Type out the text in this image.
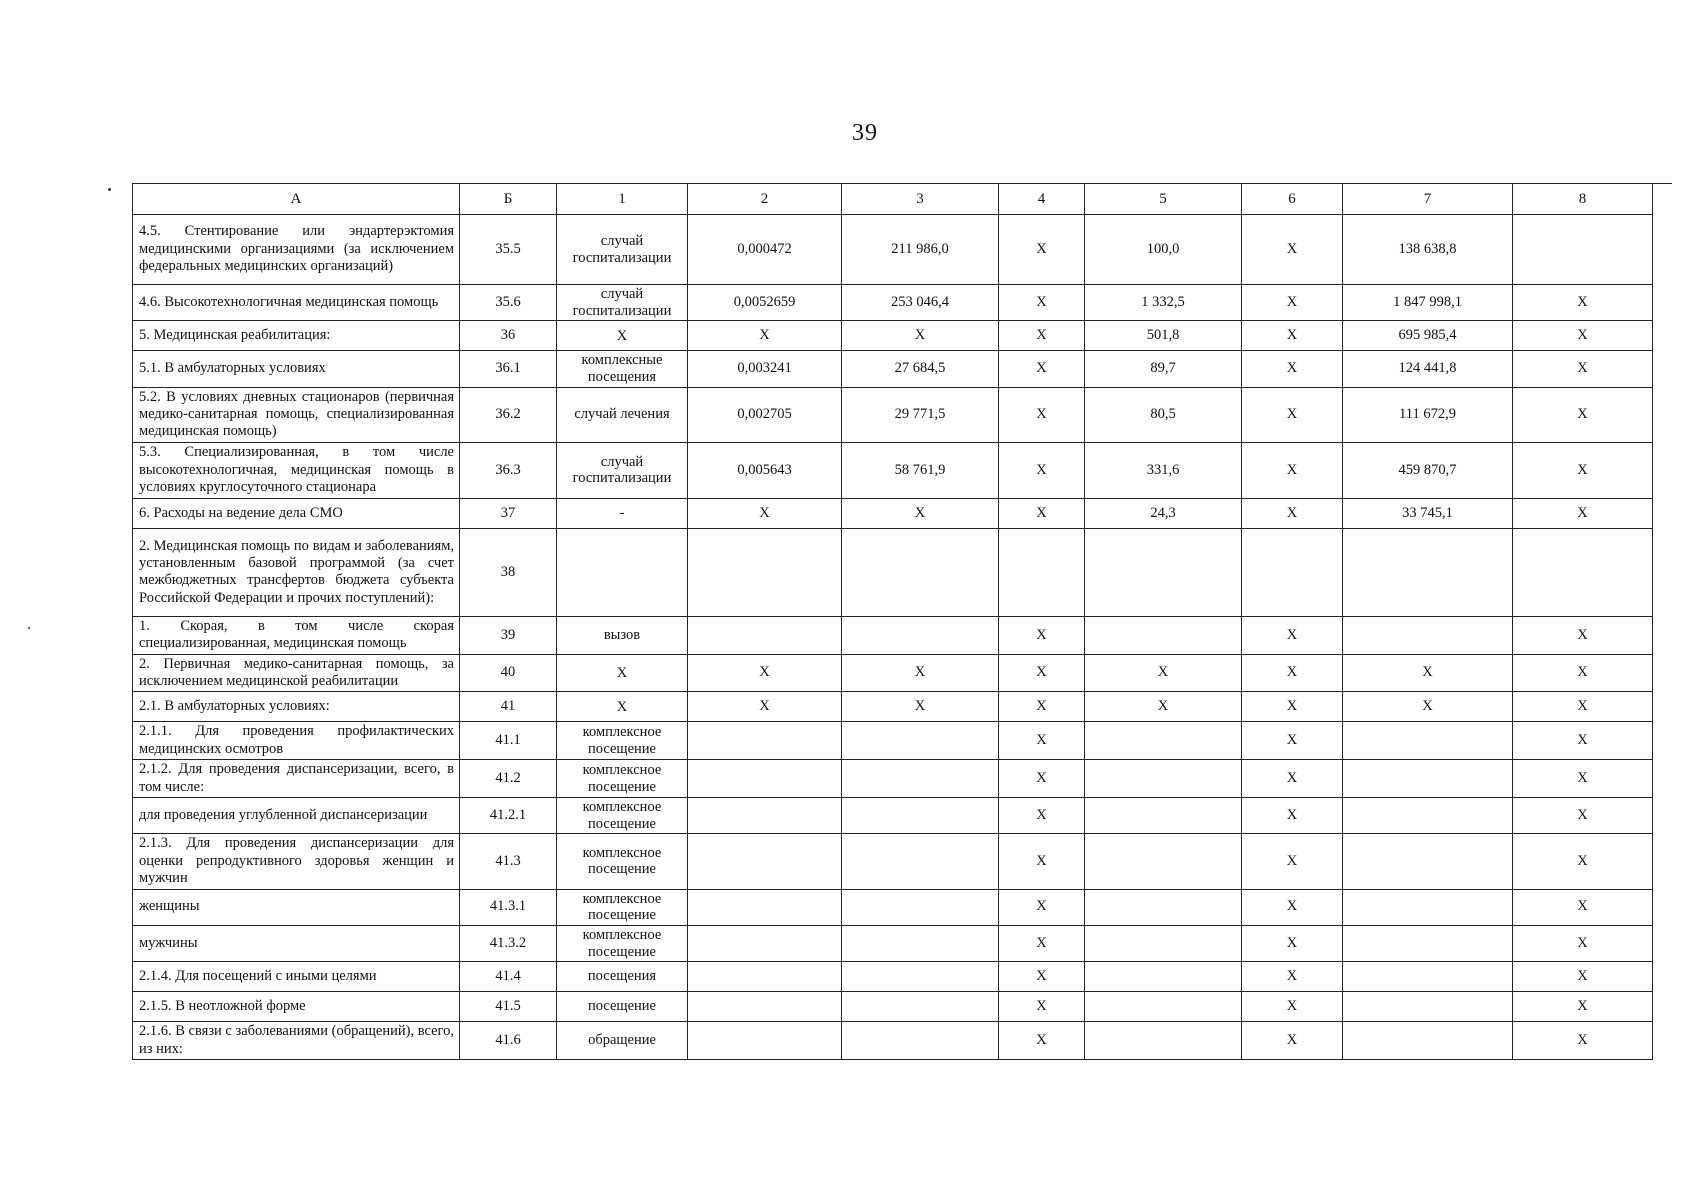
39
А	Б	1	2	3	4	5	6	7	8
4.5. Стентирование или эндартерэктомия медицинскими организациями (за исключением федеральных медицинских организаций)	35.5	случай госпитализации	0,000472	211 986,0	Х	100,0	Х	138 638,8	
4.6. Высокотехнологичная медицинская помощь	35.6	случай госпитализации	0,0052659	253 046,4	Х	1 332,5	Х	1 847 998,1	Х
5. Медицинская реабилитация:	36	Х	Х	Х	Х	501,8	Х	695 985,4	Х
5.1. В амбулаторных условиях	36.1	комплексные посещения	0,003241	27 684,5	Х	89,7	Х	124 441,8	Х
5.2. В условиях дневных стационаров (первичная медико-санитарная помощь, специализированная медицинская помощь)	36.2	случай лечения	0,002705	29 771,5	Х	80,5	Х	111 672,9	Х
5.3. Специализированная, в том числе высокотехнологичная, медицинская помощь в условиях круглосуточного стационара	36.3	случай госпитализации	0,005643	58 761,9	Х	331,6	Х	459 870,7	Х
6. Расходы на ведение дела СМО	37	-	Х	Х	Х	24,3	Х	33 745,1	Х
2. Медицинская помощь по видам и заболеваниям, установленным базовой программой (за счет межбюджетных трансфертов бюджета субъекта Российской Федерации и прочих поступлений):	38								
1. Скорая, в том числе скорая специализированная, медицинская помощь	39	вызов			Х		Х		Х
2. Первичная медико-санитарная помощь, за исключением медицинской реабилитации	40	Х	Х	Х	Х	Х	Х	Х	Х
2.1. В амбулаторных условиях:	41	Х	Х	Х	Х	Х	Х	Х	Х
2.1.1. Для проведения профилактических медицинских осмотров	41.1	комплексное посещение			Х		Х		Х
2.1.2. Для проведения диспансеризации, всего, в том числе:	41.2	комплексное посещение			Х		Х		Х
для проведения углубленной диспансеризации	41.2.1	комплексное посещение			Х		Х		Х
2.1.3. Для проведения диспансеризации для оценки репродуктивного здоровья женщин и мужчин	41.3	комплексное посещение			Х		Х		Х
женщины	41.3.1	комплексное посещение			Х		Х		Х
мужчины	41.3.2	комплексное посещение			Х		Х		Х
2.1.4. Для посещений с иными целями	41.4	посещения			Х		Х		Х
2.1.5. В неотложной форме	41.5	посещение			Х		Х		Х
2.1.6. В связи с заболеваниями (обращений), всего, из них:	41.6	обращение			Х		Х		Х
